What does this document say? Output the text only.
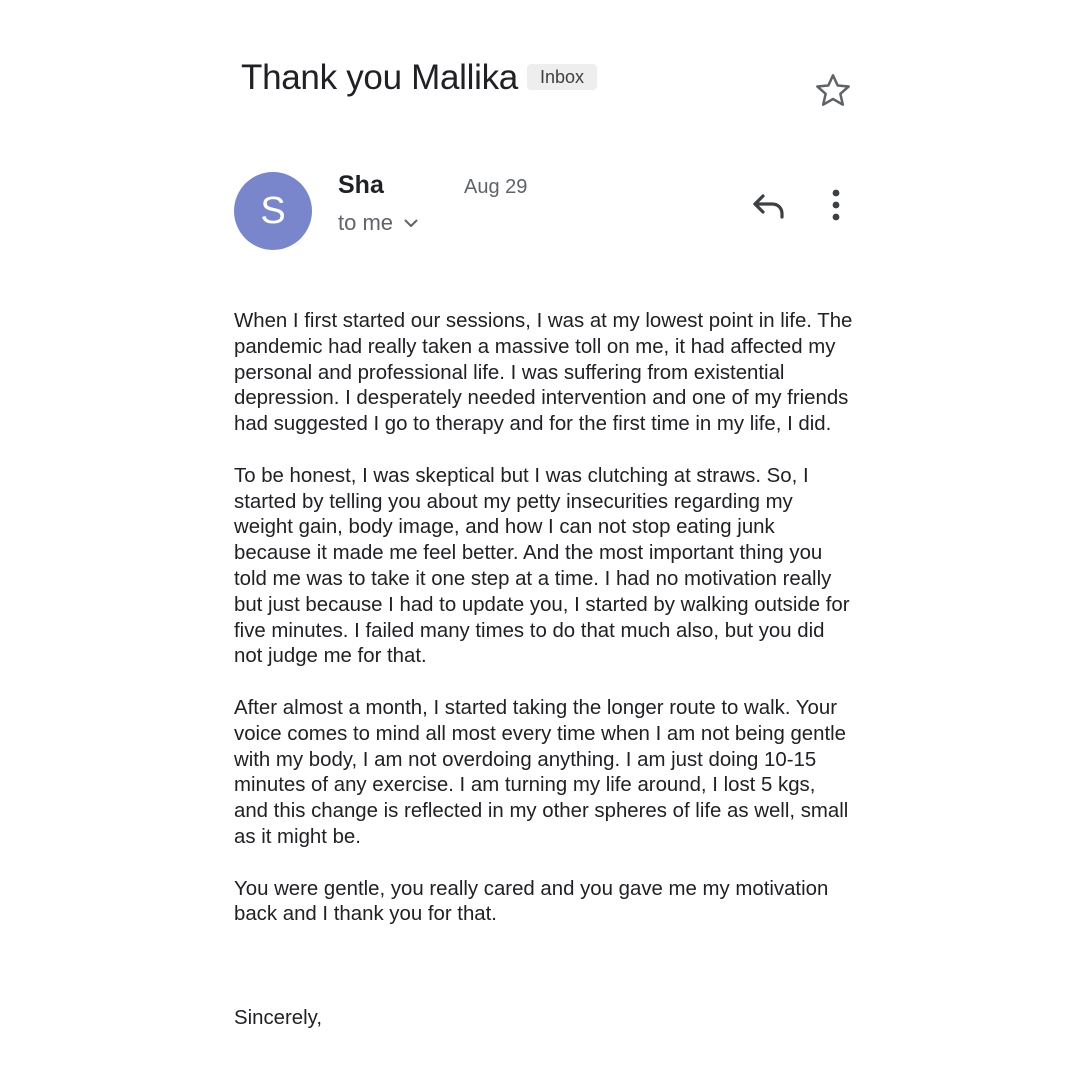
Thank you Mallika	Inbox
S
Sha	Aug 29
to me

When I first started our sessions, I was at my lowest point in life. The pandemic had really taken a massive toll on me, it had affected my personal and professional life. I was suffering from existential depression. I desperately needed intervention and one of my friends had suggested I go to therapy and for the first time in my life, I did.

To be honest, I was skeptical but I was clutching at straws. So, I started by telling you about my petty insecurities regarding my weight gain, body image, and how I can not stop eating junk because it made me feel better. And the most important thing you told me was to take it one step at a time. I had no motivation really but just because I had to update you, I started by walking outside for five minutes. I failed many times to do that much also, but you did not judge me for that.

After almost a month, I started taking the longer route to walk. Your voice comes to mind all most every time when I am not being gentle with my body, I am not overdoing anything. I am just doing 10-15 minutes of any exercise. I am turning my life around, I lost 5 kgs, and this change is reflected in my other spheres of life as well, small as it might be.

You were gentle, you really cared and you gave me my motivation back and I thank you for that.

Sincerely,
